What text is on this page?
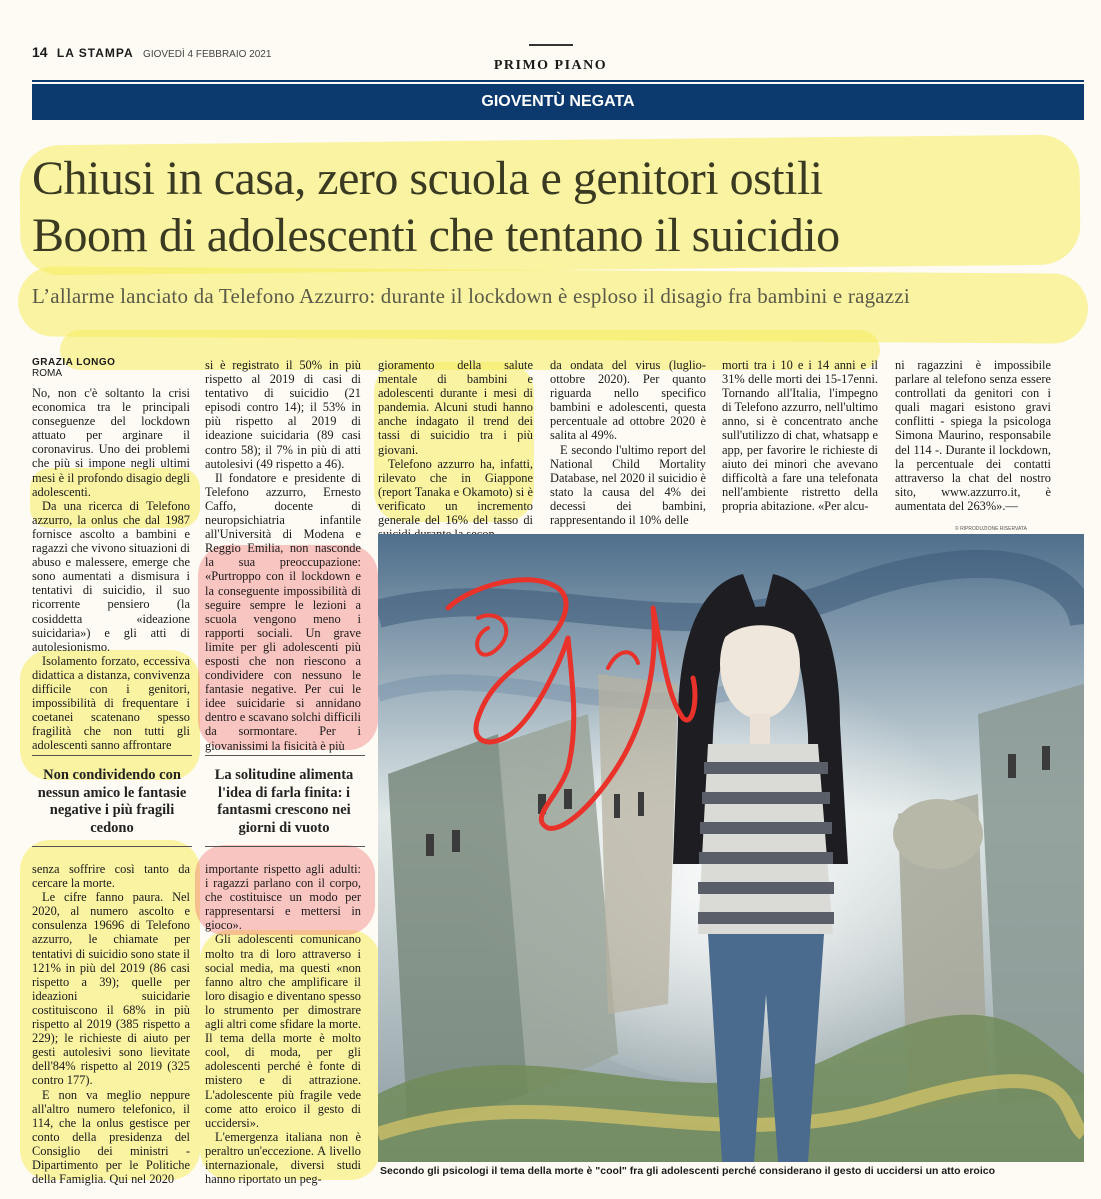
14 LA STAMPA GIOVEDÌ 4 FEBBRAIO 2021
PRIMO PIANO
GIOVENTÙ NEGATA
Chiusi in casa, zero scuola e genitori ostili
Boom di adolescenti che tentano il suicidio
L’allarme lanciato da Telefono Azzurro: durante il lockdown è esploso il disagio fra bambini e ragazzi
GRAZIA LONGO
ROMA

No, non c'è soltanto la crisi economica tra le principali conseguenze del lockdown attuato per arginare il coronavirus. Uno dei problemi che più si impone negli ultimi mesi è il profondo disagio degli adolescenti.

Da una ricerca di Telefono azzurro, la onlus che dal 1987 fornisce ascolto a bambini e ragazzi che vivono situazioni di abuso e malessere, emerge che sono aumentati a dismisura i tentativi di suicidio, il suo ricorrente pensiero (la cosiddetta «ideazione suicidaria») e gli atti di autolesionismo.

Isolamento forzato, eccessiva didattica a distanza, convivenza difficile con i genitori, impossibilità di frequentare i coetanei scatenano spesso fragilità che non tutti gli adolescenti sanno affrontare

si è registrato il 50% in più rispetto al 2019 di casi di tentativo di suicidio (21 episodi contro 14); il 53% in più rispetto al 2019 di ideazione suicidaria (89 casi contro 58); il 7% in più di atti autolesivi (49 rispetto a 46).

Il fondatore e presidente di Telefono azzurro, Ernesto Caffo, docente di neuropsichiatria infantile all'Università di Modena e Reggio Emilia, non nasconde la sua preoccupazione: «Purtroppo con il lockdown e la conseguente impossibilità di seguire sempre le lezioni a scuola vengono meno i rapporti sociali. Un grave limite per gli adolescenti più esposti che non riescono a condividere con nessuno le fantasie negative. Per cui le idee suicidarie si annidano dentro e scavano solchi difficili da sormontare. Per i giovanissimi la fisicità è più

gioramento della salute mentale di bambini e adolescenti durante i mesi di pandemia. Alcuni studi hanno anche indagato il trend dei tassi di suicidio tra i più giovani.

Telefono azzurro ha, infatti, rilevato che in Giappone (report Tanaka e Okamoto) si è verificato un incremento generale del 16% del tasso di

da ondata del virus (luglio-ottobre 2020). Per quanto riguarda nello specifico bambini e adolescenti, questa percentuale ad ottobre 2020 è salita al 49%.

E secondo l'ultimo report del National Child Mortality Database, nel 2020 il suicidio è stato la causa del 4% dei decessi dei bambini, rappresentando il 10% delle

morti tra i 10 e i 14 anni e il 31% delle morti dei 15-17enni. Tornando all'Italia, l'impegno di Telefono azzurro, nell'ultimo anno, si è concentrato anche sull'utilizzo di chat, whatsapp e app, per favorire le richieste di aiuto dei minori che avevano difficoltà a fare una telefonata nell'ambiente ristretto della propria abitazione. «Per alcu-

ni ragazzini è impossibile parlare al telefono senza essere controllati da genitori con i quali magari esistono gravi conflitti - spiega la psicologa Simona Maurino, responsabile del 114 -. Durante il lockdown, la percentuale dei contatti attraverso la chat del nostro sito, www.azzurro.it, è aumentata del 263%».—

© RIPRODUZIONE RISERVATA
Non condividendo con nessun amico le fantasie negative i più fragili cedono
La solitudine alimenta l'idea di farla finita: i fantasmi crescono nei giorni di vuoto

senza soffrire così tanto da cercare la morte.

Le cifre fanno paura. Nel 2020, al numero ascolto e consulenza 19696 di Telefono azzurro, le chiamate per tentativi di suicidio sono state il 121% in più del 2019 (86 casi rispetto a 39); quelle per ideazioni suicidarie costituiscono il 68% in più rispetto al 2019 (385 rispetto a 229); le richieste di aiuto per gesti autolesivi sono lievitate dell'84% rispetto al 2019 (325 contro 177).

E non va meglio neppure all'altro numero telefonico, il 114, che la onlus gestisce per conto della presidenza del Consiglio dei ministri - Dipartimento per le Politiche della Famiglia. Qui nel 2020

importante rispetto agli adulti: i ragazzi parlano con il corpo, che costituisce un modo per rappresentarsi e mettersi in gioco».

Gli adolescenti comunicano molto tra di loro attraverso i social media, ma questi «non fanno altro che amplificare il loro disagio e diventano spesso lo strumento per dimostrare agli altri come sfidare la morte. Il tema della morte è molto cool, di moda, per gli adolescenti perché è fonte di mistero e di attrazione. L'adolescente più fragile vede come atto eroico il gesto di uccidersi».

L'emergenza italiana non è peraltro un'eccezione. A livello internazionale, diversi studi hanno riportato un peg-

Secondo gli psicologi il tema della morte è "cool" fra gli adolescenti perché considerano il gesto di uccidersi un atto eroico
